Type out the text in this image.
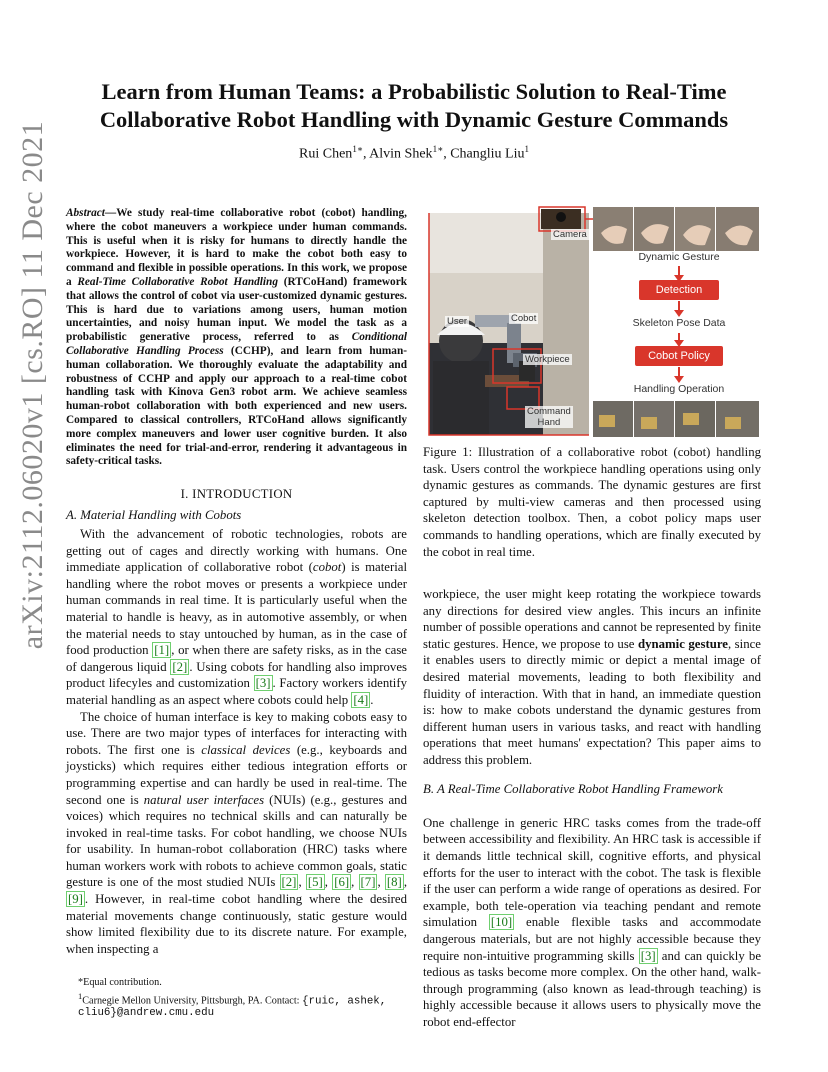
arXiv:2112.06020v1 [cs.RO] 11 Dec 2021
Learn from Human Teams: a Probabilistic Solution to Real-Time Collaborative Robot Handling with Dynamic Gesture Commands
Rui Chen$^{1∗}$, Alvin Shek$^{1∗}$, Changliu Liu$^1$
Abstract—We study real-time collaborative robot (cobot) handling, where the cobot maneuvers a workpiece under human commands. This is useful when it is risky for humans to directly handle the workpiece. However, it is hard to make the cobot both easy to command and flexible in possible operations. In this work, we propose a Real-Time Collaborative Robot Handling (RTCoHand) framework that allows the control of cobot via user-customized dynamic gestures. This is hard due to variations among users, human motion uncertainties, and noisy human input. We model the task as a probabilistic generative process, referred to as Conditional Collaborative Handling Process (CCHP), and learn from human-human collaboration. We thoroughly evaluate the adaptability and robustness of CCHP and apply our approach to a real-time cobot handling task with Kinova Gen3 robot arm. We achieve seamless human-robot collaboration with both experienced and new users. Compared to classical controllers, RTCoHand allows significantly more complex maneuvers and lower user cognitive burden. It also eliminates the need for trial-and-error, rendering it advantageous in safety-critical tasks.
I. INTRODUCTION
A. Material Handling with Cobots

With the advancement of robotic technologies, robots are getting out of cages and directly working with humans. One immediate application of collaborative robot (cobot) is material handling where the robot moves or presents a workpiece under human commands in real time. It is particularly useful when the material to handle is heavy, as in automotive assembly, or when the material needs to stay untouched by human, as in the case of food production [1] , or when there are safety risks, as in the case of dangerous liquid [2] . Using cobots for handling also improves product lifecyles and customization [3] . Factory workers identify material handling as an aspect where cobots could help [4] .

The choice of human interface is key to making cobots easy to use. There are two major types of interfaces for interacting with robots. The first one is classical devices (e.g., keyboards and joysticks) which requires either tedious integration efforts or programming expertise and can hardly be used in real-time. The second one is natural user interfaces (NUIs) (e.g., gestures and voices) which requires no technical skills and can naturally be invoked in real-time tasks. For cobot handling, we choose NUIs for usability. In human-robot collaboration (HRC) tasks where human workers work with robots to achieve common goals, static gesture is one of the most studied NUIs [2] , [5] , [6] , [7] , [8] , [9] . However, in real-time cobot handling where the desired material movements change continuously, static gesture would show limited flexibility due to its discrete nature. For example, when inspecting a

*Equal contribution.
$^1$Carnegie Mellon University, Pittsburgh, PA. Contact: {ruic, ashek, cliu6}@andrew.cmu.edu
Camera
User	Cobot
Workpiece
Command
Hand
Dynamic Gesture
Detection
Skeleton Pose Data
Cobot Policy
Handling Operation
Figure 1: Illustration of a collaborative robot (cobot) handling task. Users control the workpiece handling operations using only dynamic gestures as commands. The dynamic gestures are first captured by multi-view cameras and then processed using skeleton detection toolbox. Then, a cobot policy maps user commands to handling operations, which are finally executed by the cobot in real time.
workpiece, the user might keep rotating the workpiece towards any directions for desired view angles. This incurs an infinite number of possible operations and cannot be represented by finite static gestures. Hence, we propose to use dynamic gesture, since it enables users to directly mimic or depict a mental image of desired material movements, leading to both flexibility and fluidity of interaction. With that in hand, an immediate question is: how to make cobots understand the dynamic gestures from different human users in various tasks, and react with handling operations that meet humans' expectation? This paper aims to address this problem.
B. A Real-Time Collaborative Robot Handling Framework

One challenge in generic HRC tasks comes from the trade-off between accessibility and flexibility. An HRC task is accessible if it demands little technical skill, cognitive efforts, and physical efforts for the user to interact with the cobot. The task is flexible if the user can perform a wide range of operations as desired. For example, both tele-operation via teaching pendant and remote simulation [10] enable flexible tasks and accommodate dangerous materials, but are not highly accessible because they require non-intuitive programming skills [3] and can quickly be tedious as tasks become more complex. On the other hand, walk-through programming (also known as lead-through teaching) is highly accessible because it allows users to physically move the robot end-effector
